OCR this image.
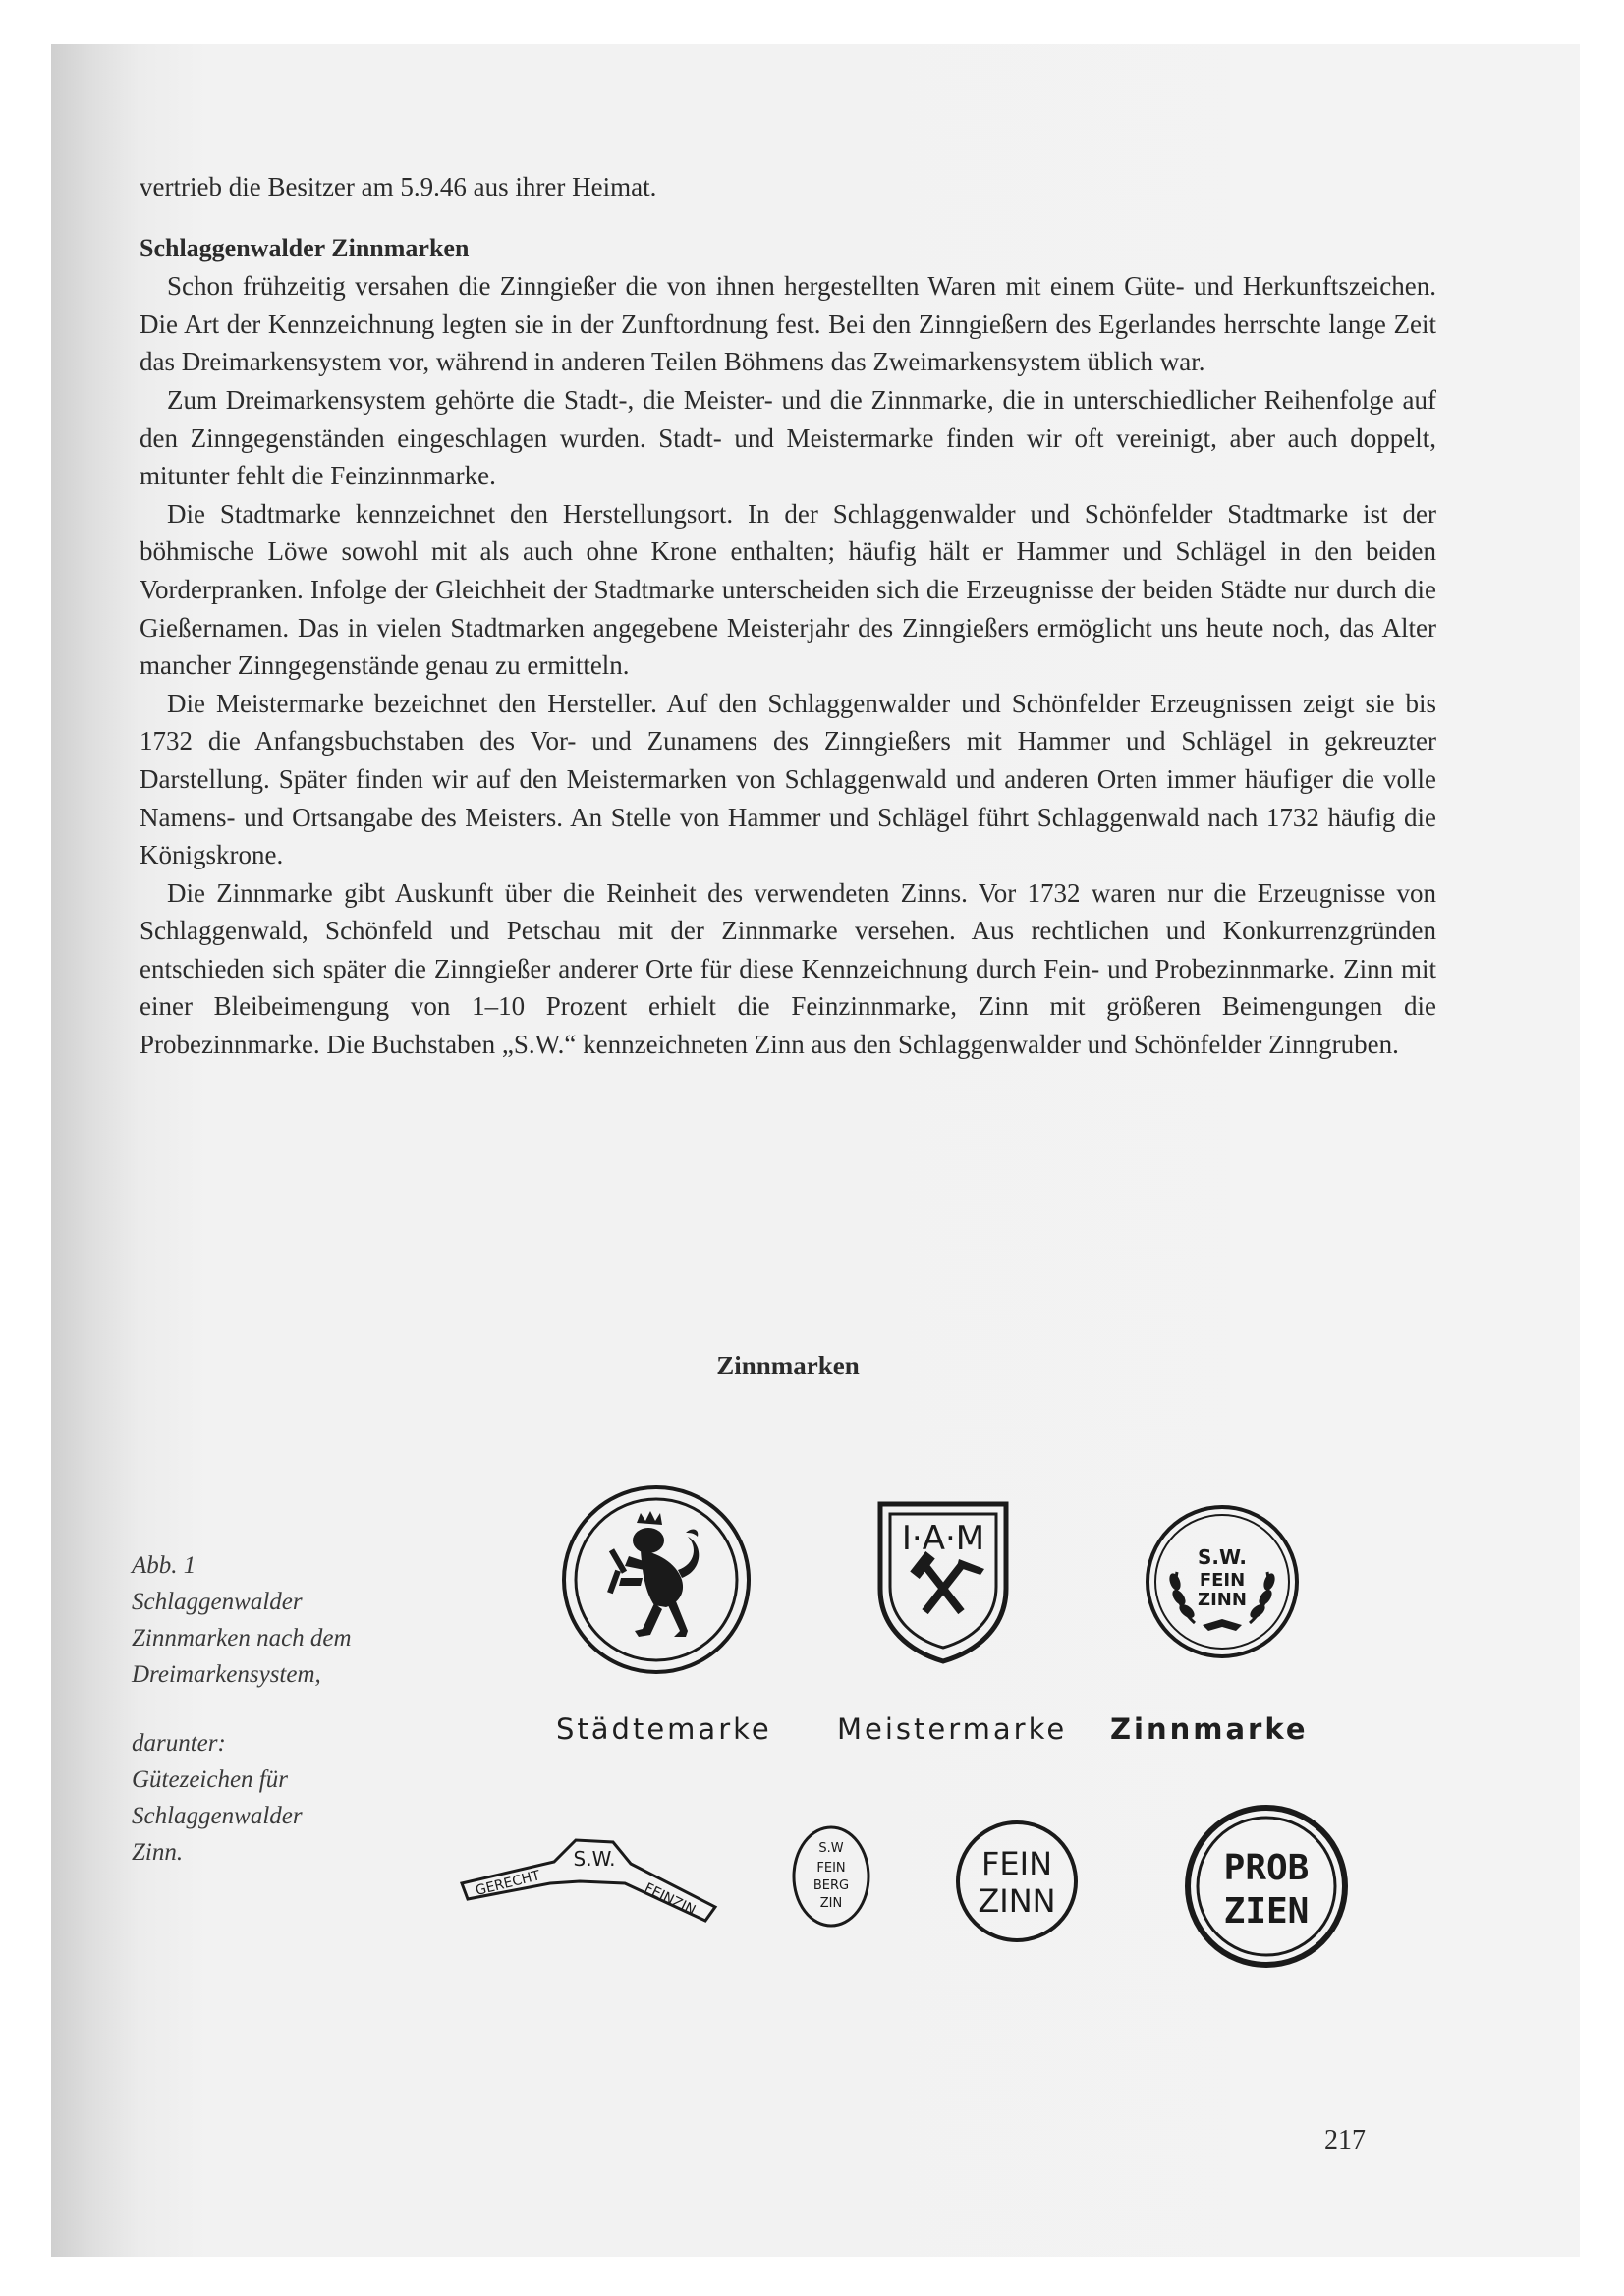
vertrieb die Besitzer am 5.9.46 aus ihrer Heimat.

Schlaggenwalder Zinnmarken

Schon frühzeitig versahen die Zinngießer die von ihnen hergestellten Waren mit einem Güte- und Herkunftszeichen. Die Art der Kennzeichnung legten sie in der Zunftordnung fest. Bei den Zinngießern des Egerlandes herrschte lange Zeit das Dreimarkensystem vor, während in anderen Teilen Böhmens das Zweimarkensystem üblich war.

Zum Dreimarkensystem gehörte die Stadt-, die Meister- und die Zinnmarke, die in unterschiedlicher Reihenfolge auf den Zinngegenständen eingeschlagen wurden. Stadt- und Meistermarke finden wir oft vereinigt, aber auch doppelt, mitunter fehlt die Feinzinnmarke.

Die Stadtmarke kennzeichnet den Herstellungsort. In der Schlaggenwalder und Schönfelder Stadtmarke ist der böhmische Löwe sowohl mit als auch ohne Krone enthalten; häufig hält er Hammer und Schlägel in den beiden Vorderpranken. Infolge der Gleichheit der Stadtmarke unterscheiden sich die Erzeugnisse der beiden Städte nur durch die Gießernamen. Das in vielen Stadtmarken angegebene Meisterjahr des Zinngießers ermöglicht uns heute noch, das Alter mancher Zinngegenstände genau zu ermitteln.

Die Meistermarke bezeichnet den Hersteller. Auf den Schlaggenwalder und Schönfelder Erzeugnissen zeigt sie bis 1732 die Anfangsbuchstaben des Vor- und Zunamens des Zinngießers mit Hammer und Schlägel in gekreuzter Darstellung. Später finden wir auf den Meistermarken von Schlaggenwald und anderen Orten immer häufiger die volle Namens- und Ortsangabe des Meisters. An Stelle von Hammer und Schlägel führt Schlaggenwald nach 1732 häufig die Königskrone.

Die Zinnmarke gibt Auskunft über die Reinheit des verwendeten Zinns. Vor 1732 waren nur die Erzeugnisse von Schlaggenwald, Schönfeld und Petschau mit der Zinnmarke versehen. Aus rechtlichen und Konkurrenzgründen entschieden sich später die Zinngießer anderer Orte für diese Kennzeichnung durch Fein- und Probezinnmarke. Zinn mit einer Bleibeimengung von 1–10 Prozent erhielt die Feinzinnmarke, Zinn mit größeren Beimengungen die Probezinnmarke. Die Buchstaben „S.W.“ kennzeichneten Zinn aus den Schlaggenwalder und Schönfelder Zinngruben.

Zinnmarken

Abb. 1

Schlaggenwalder

Zinnmarken nach dem

Dreimarkensystem,

darunter:

Gütezeichen für

Schlaggenwalder

Zinn.

I·A·M	S.W.
FEIN
ZINN
Städtemarke Meistermarke Zinnmarke
S.W.
GERECHT	FEINZIN
S.W
FEIN
BERG
ZIN
FEIN
ZINN
PROB
ZIEN
217
